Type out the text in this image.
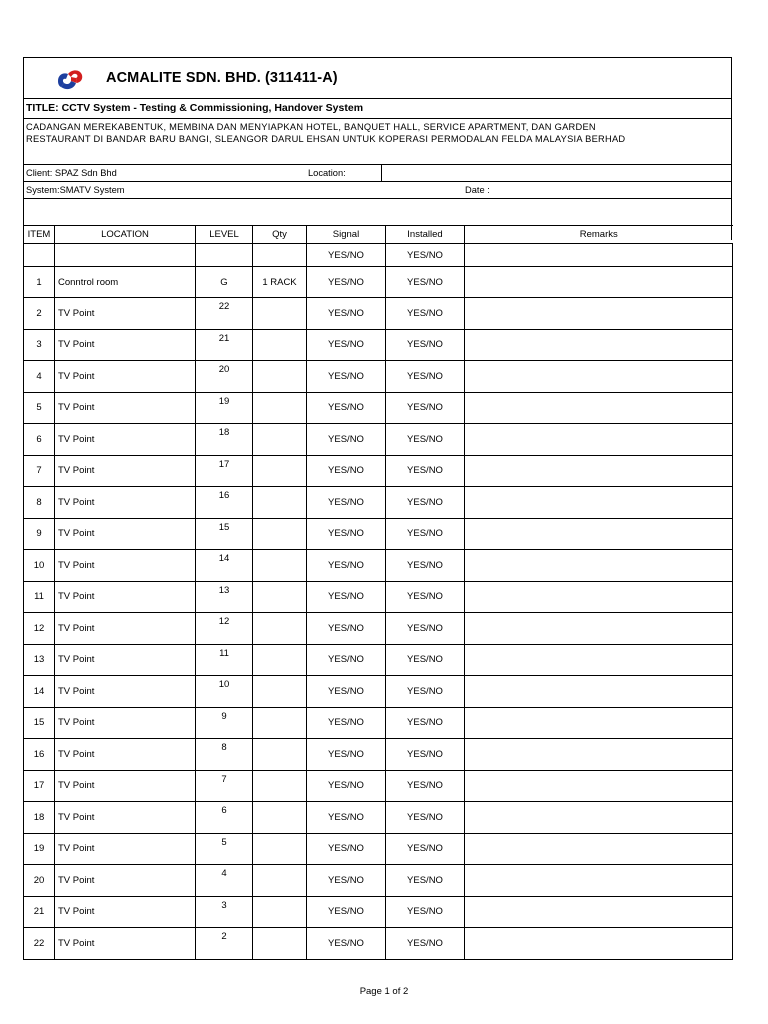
ACMALITE SDN. BHD. (311411-A)
TITLE: CCTV System - Testing & Commissioning, Handover System
CADANGAN MEREKABENTUK, MEMBINA DAN MENYIAPKAN HOTEL, BANQUET HALL, SERVICE APARTMENT, DAN GARDEN
RESTAURANT DI BANDAR BARU BANGI, SLEANGOR DARUL EHSAN UNTUK KOPERASI PERMODALAN FELDA MALAYSIA BERHAD
Client: SPAZ Sdn Bhd	Location:
System:SMATV System	Date :
ITEM	LOCATION	LEVEL	Qty	Signal	Installed	Remarks
				YES/NO	YES/NO	
1	Conntrol room	G	1 RACK	YES/NO	YES/NO	
2	TV Point	22		YES/NO	YES/NO	
3	TV Point	21		YES/NO	YES/NO	
4	TV Point	20		YES/NO	YES/NO	
5	TV Point	19		YES/NO	YES/NO	
6	TV Point	18		YES/NO	YES/NO	
7	TV Point	17		YES/NO	YES/NO	
8	TV Point	16		YES/NO	YES/NO	
9	TV Point	15		YES/NO	YES/NO	
10	TV Point	14		YES/NO	YES/NO	
11	TV Point	13		YES/NO	YES/NO	
12	TV Point	12		YES/NO	YES/NO	
13	TV Point	11		YES/NO	YES/NO	
14	TV Point	10		YES/NO	YES/NO	
15	TV Point	9		YES/NO	YES/NO	
16	TV Point	8		YES/NO	YES/NO	
17	TV Point	7		YES/NO	YES/NO	
18	TV Point	6		YES/NO	YES/NO	
19	TV Point	5		YES/NO	YES/NO	
20	TV Point	4		YES/NO	YES/NO	
21	TV Point	3		YES/NO	YES/NO	
22	TV Point	2		YES/NO	YES/NO	
Page 1 of 2
